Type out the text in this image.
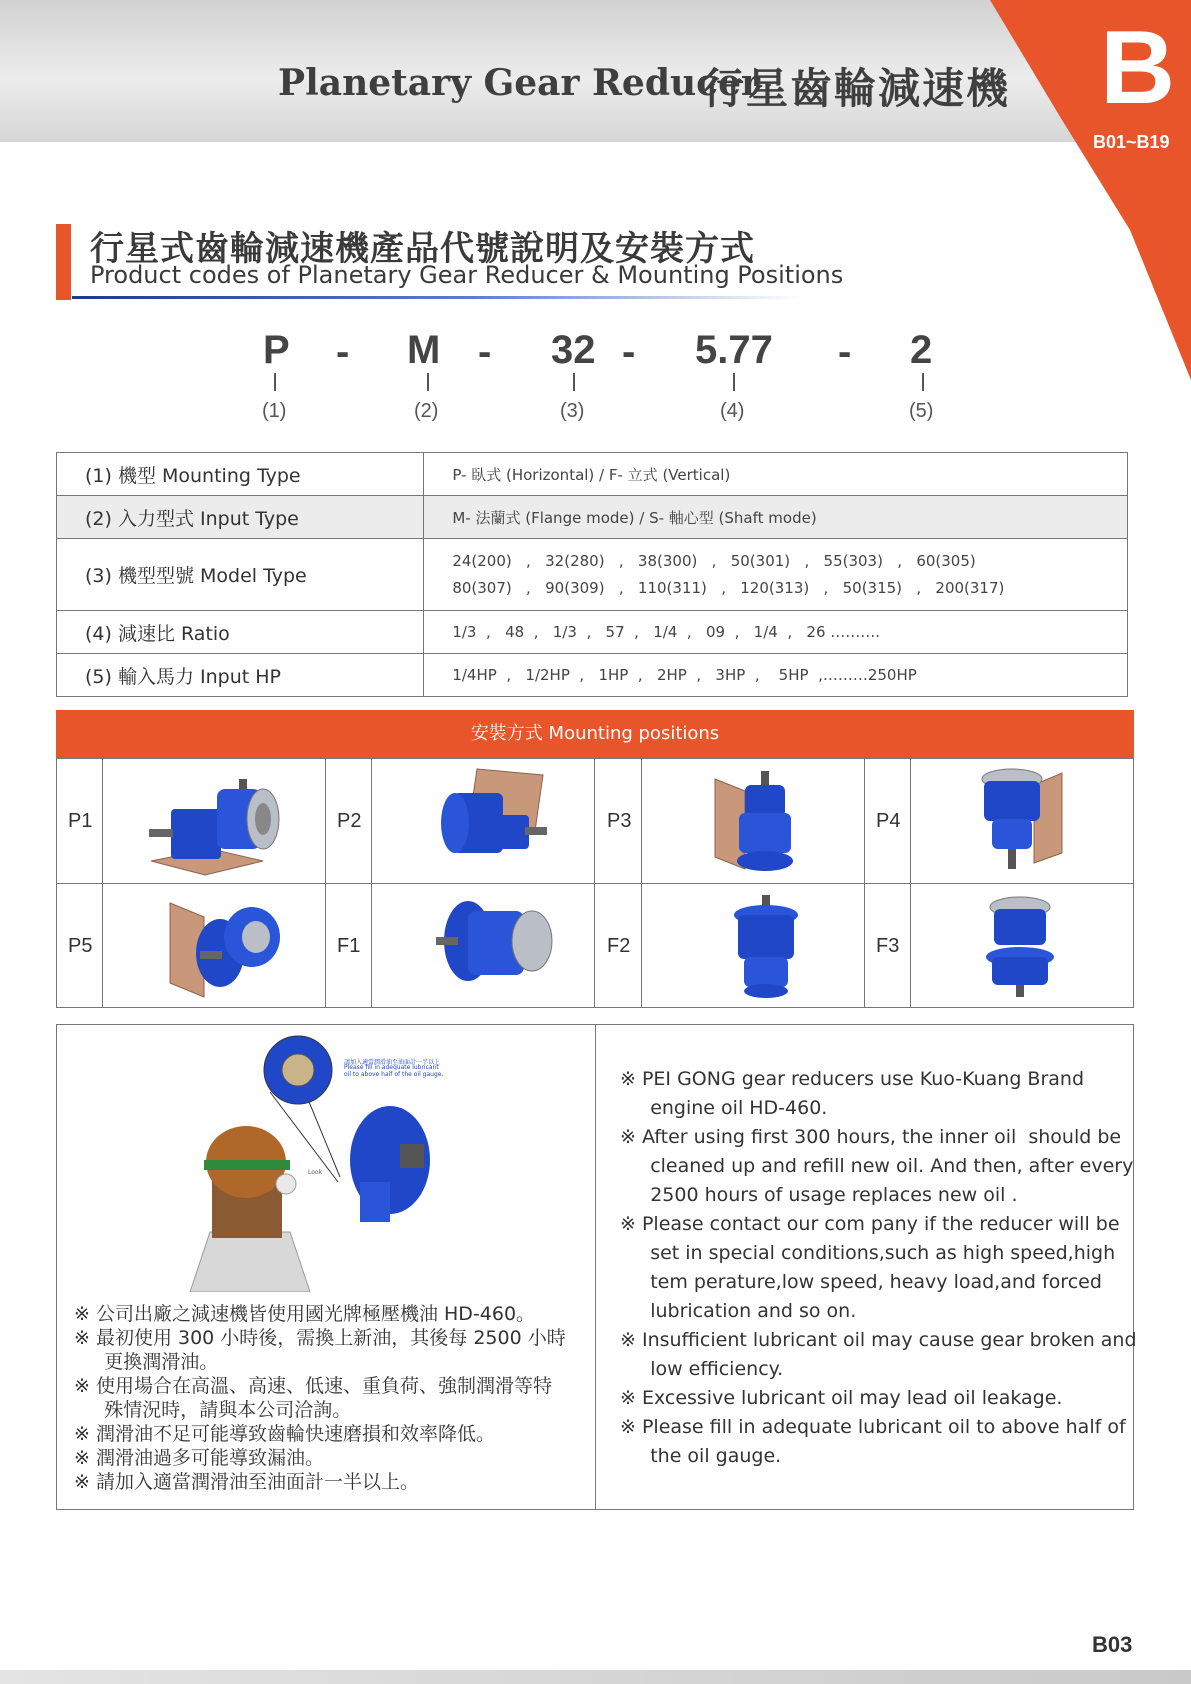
Planetary Gear Reducer
行星齒輪減速機 B
B01~B19
行星式齒輪減速機產品代號說明及安裝方式
Product codes of Planetary Gear Reducer & Mounting Positions
P - M - 32 - 5.77 - 2
(1)	(2)	(3)	(4)	(5)
(1) 機型 Mounting Type	P- 臥式 (Horizontal) / F- 立式 (Vertical)
(2) 入力型式 Input Type	M- 法蘭式 (Flange mode) / S- 軸心型 (Shaft mode)
(3) 機型型號 Model Type	24(200)   ,   32(280)   ,   38(300)   ,   50(301)   ,   55(303)   ,   60(305)
80(307)   ,   90(309)   ,   110(311)   ,   120(313)   ,   50(315)   ,   200(317)

(4) 減速比 Ratio	1/3  ,   48  ,   1/3  ,   57  ,   1/4  ,   09  ,   1/4  ,   26 ……….
(5) 輸入馬力 Input HP	1/4HP  ,   1/2HP  ,   1HP  ,   2HP  ,   3HP  ,    5HP  ,………250HP
安裝方式 Mounting positions
P1	P2	P3	P4
P5	F1	F2	F3
請加入適當潤滑油至油面計一半以上
Please fill in adequate lubricant
oil to above half of the oil gauge.
Look
※ 公司出廠之減速機皆使用國光牌極壓機油 HD-460。
※ 最初使用 300 小時後，需換上新油，其後每 2500 小時
更換潤滑油。
※ 使用場合在高溫、高速、低速、重負荷、強制潤滑等特
殊情況時，請與本公司洽詢。
※ 潤滑油不足可能導致齒輪快速磨損和效率降低。
※ 潤滑油過多可能導致漏油。
※ 請加入適當潤滑油至油面計一半以上。
※ PEI GONG gear reducers use Kuo-Kuang Brand
engine oil HD-460.
※ After using first 300 hours, the inner oil  should be
cleaned up and refill new oil. And then, after every
2500 hours of usage replaces new oil .
※ Please contact our com pany if the reducer will be
set in special conditions,such as high speed,high
tem perature,low speed, heavy load,and forced
lubrication and so on.
※ Insufficient lubricant oil may cause gear broken and
low efficiency.
※ Excessive lubricant oil may lead oil leakage.
※ Please fill in adequate lubricant oil to above half of
the oil gauge.
B03
